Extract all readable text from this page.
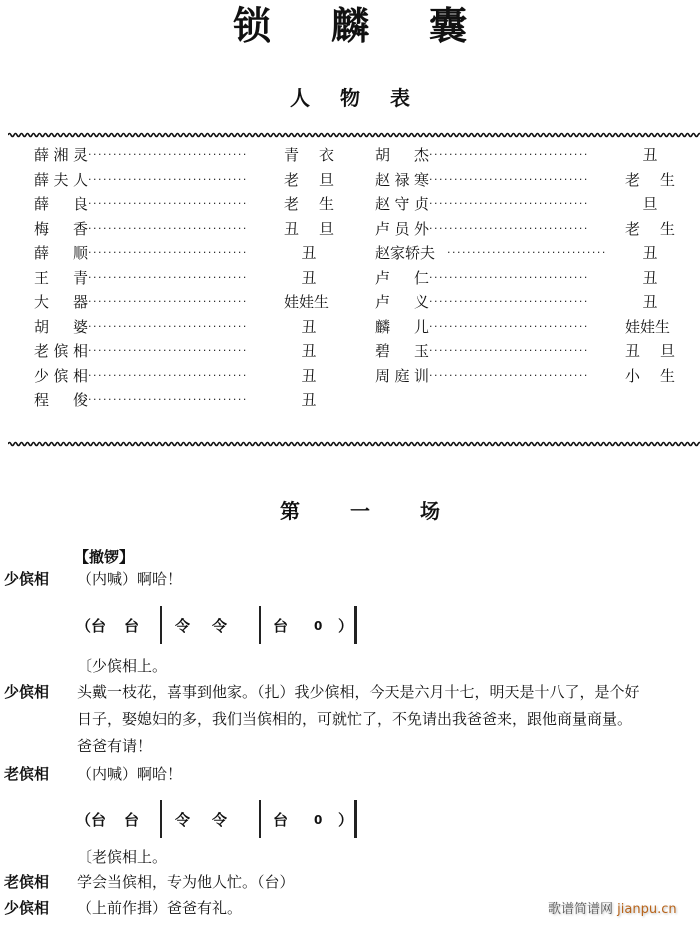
锁麟囊
人物表
薛 湘 灵 ································	青 衣
薛 夫 人 ································	老 旦
薛 良 ································	老 生
梅 香 ································	丑 旦
薛 顺 ································	丑
王 青 ································	丑
大 器 ································	娃娃生
胡 婆 ································	丑
老 傧 相 ································	丑
少 傧 相 ································	丑
程 俊 ································	丑
胡 杰 ································	丑
赵 禄 寒 ································	老 生
赵 守 贞 ································	旦
卢 员 外 ································	老 生
赵家轿夫 ································	丑
卢 仁 ································	丑
卢 义 ································	丑
麟 儿 ································	娃娃生
碧 玉 ································	丑 旦
周 庭 训 ································	小 生
第一场
【撤锣】
少傧相	（内喊）啊哈！
（台 台 令 令	台 0 ）
〔少傧相上。
少傧相	头戴一枝花，喜事到他家。（扎）我少傧相，今天是六月十七，明天是十八了，是个好
日子，娶媳妇的多，我们当傧相的，可就忙了，不免请出我爸爸来，跟他商量商量。
爸爸有请！
老傧相	（内喊）啊哈！
（台 台 令 令	台 0 ）
〔老傧相上。
老傧相	学会当傧相，专为他人忙。（台）
少傧相	（上前作揖）爸爸有礼。	歌谱简谱网 jianpu.cn
